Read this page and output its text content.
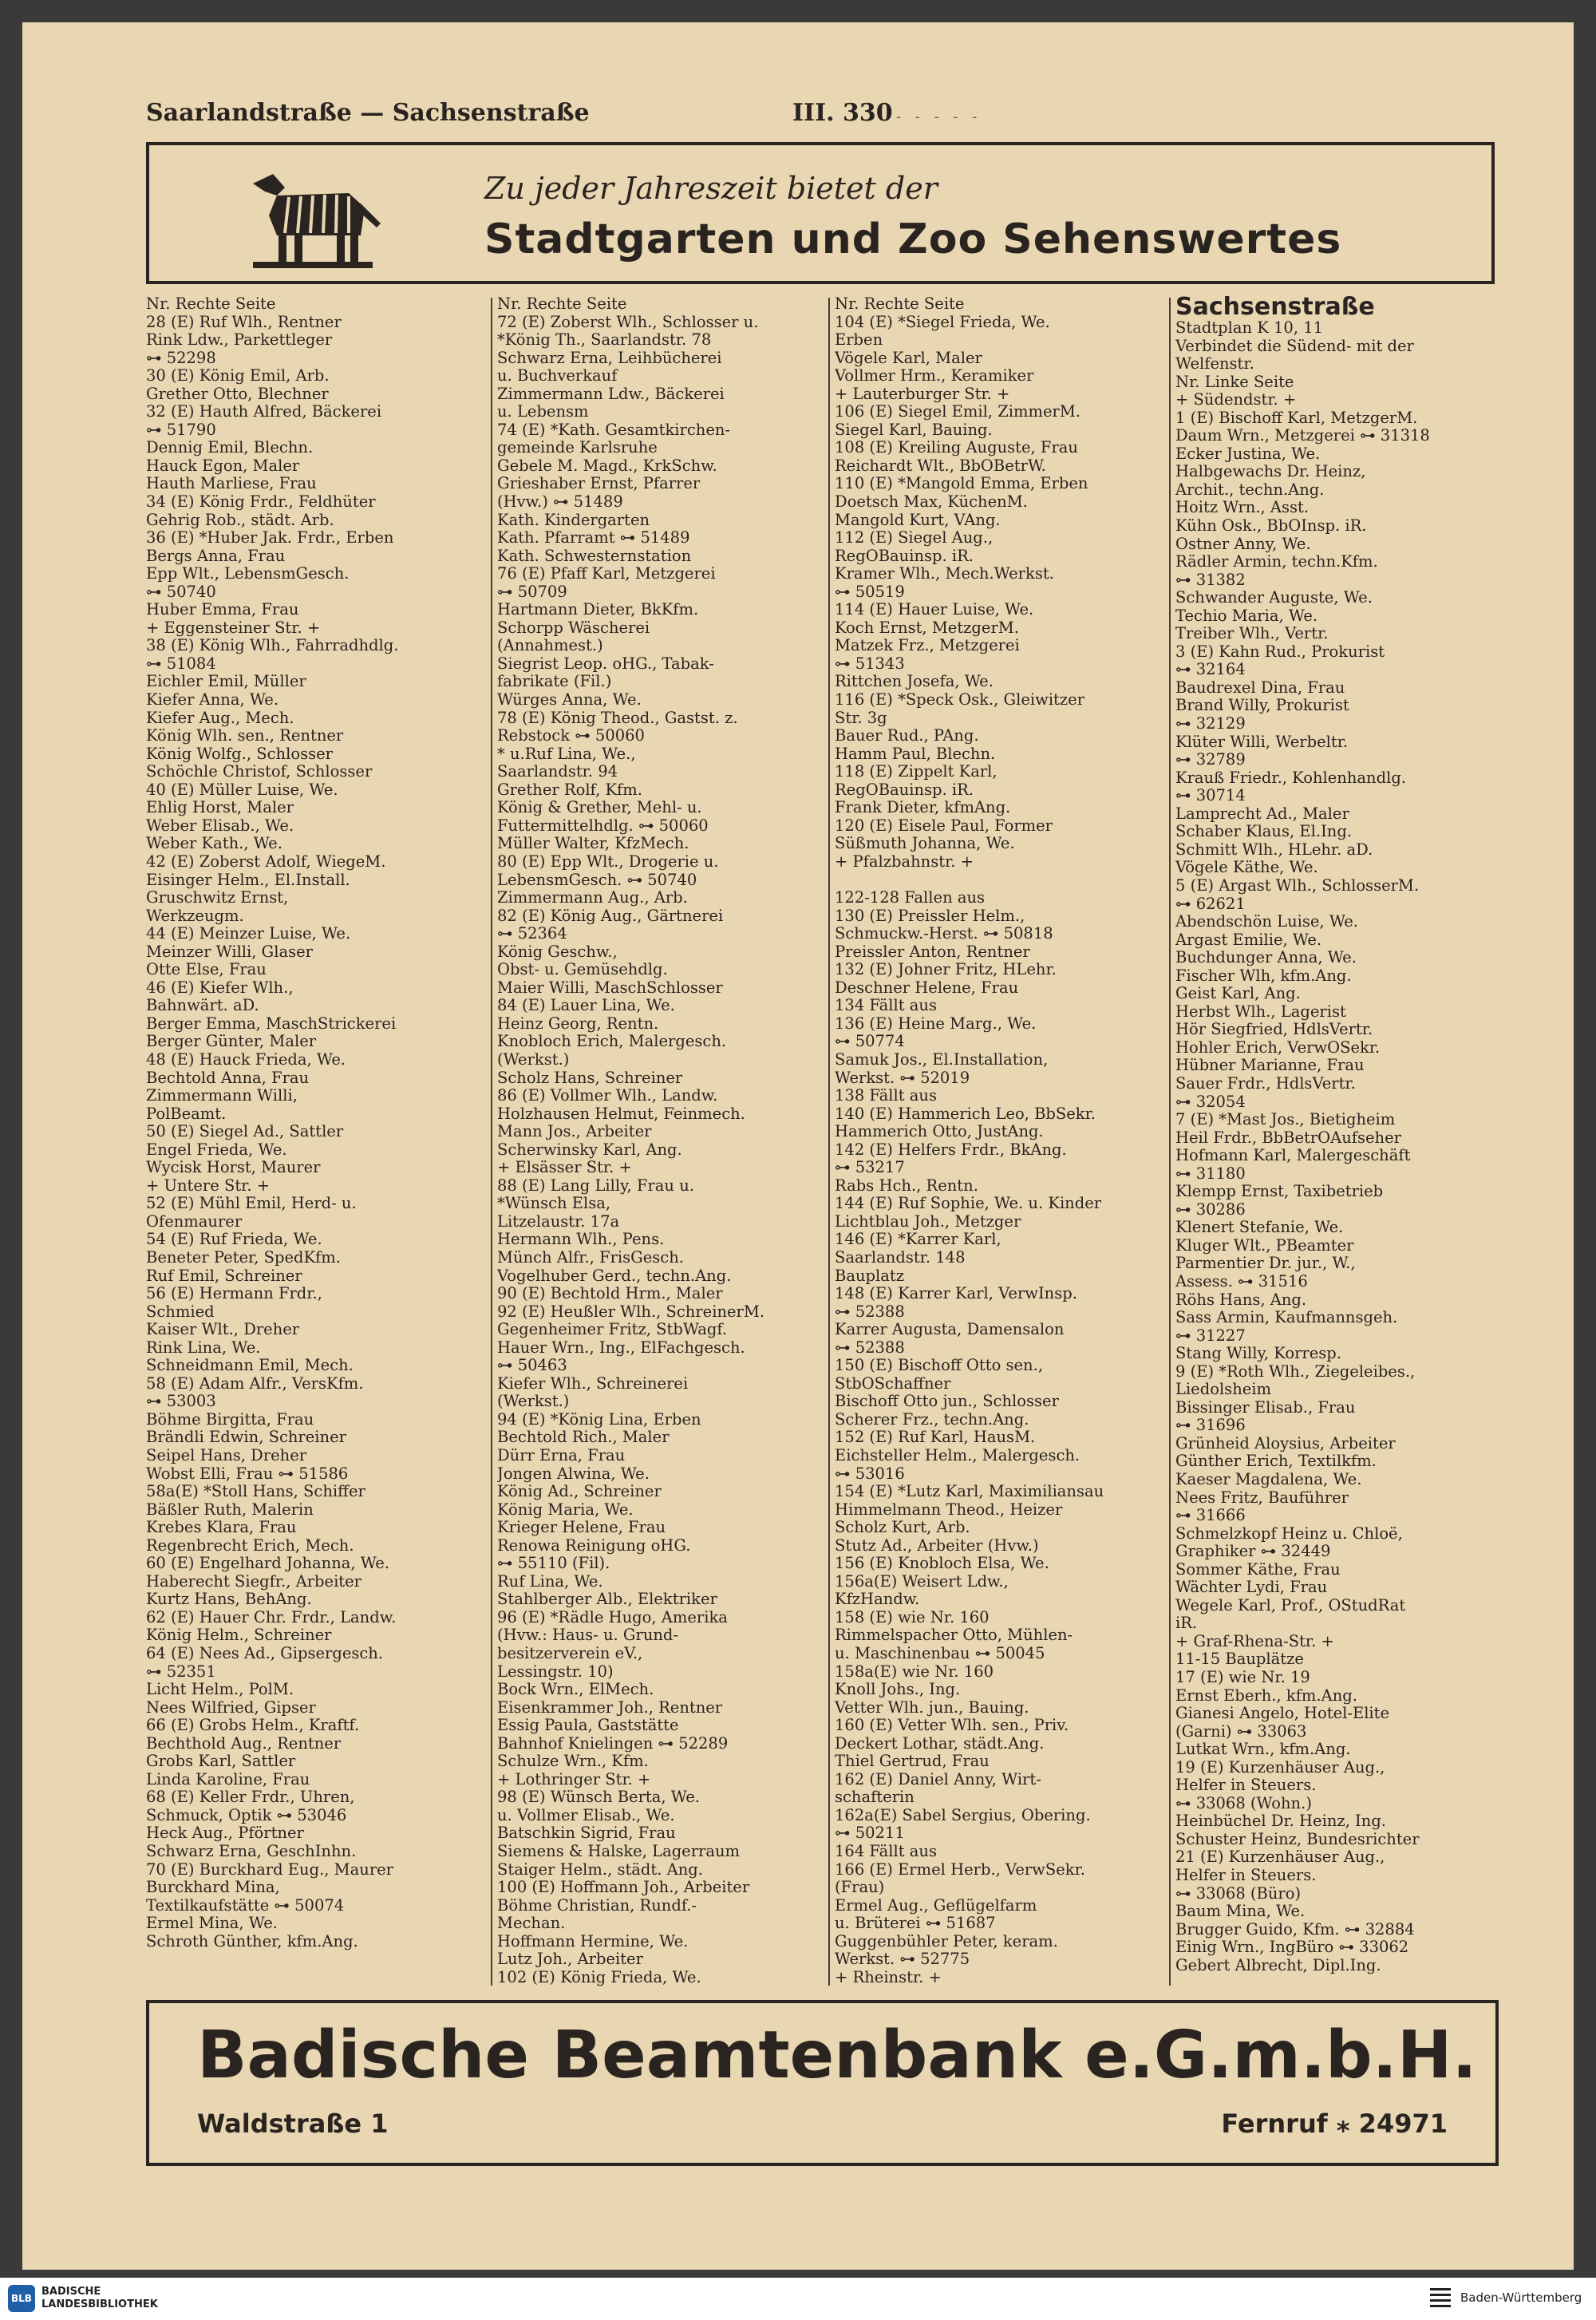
Saarlandstraße — Sachsenstraße	III. 330 - - - - -
Zu jeder Jahreszeit bietet der
Stadtgarten und Zoo Sehenswertes
Nr. Rechte Seite
28 (E) Ruf Wlh., Rentner
Rink Ldw., Parkettleger
⊶ 52298
30 (E) König Emil, Arb.
Grether Otto, Blechner
32 (E) Hauth Alfred, Bäckerei
⊶ 51790
Dennig Emil, Blechn.
Hauck Egon, Maler
Hauth Marliese, Frau
34 (E) König Frdr., Feldhüter
Gehrig Rob., städt. Arb.
36 (E) *Huber Jak. Frdr., Erben
Bergs Anna, Frau
Epp Wlt., LebensmGesch.
⊶ 50740
Huber Emma, Frau
+ Eggensteiner Str. +
38 (E) König Wlh., Fahrradhdlg.
⊶ 51084
Eichler Emil, Müller
Kiefer Anna, We.
Kiefer Aug., Mech.
König Wlh. sen., Rentner
König Wolfg., Schlosser
Schöchle Christof, Schlosser
40 (E) Müller Luise, We.
Ehlig Horst, Maler
Weber Elisab., We.
Weber Kath., We.
42 (E) Zoberst Adolf, WiegeM.
Eisinger Helm., El.Install.
Gruschwitz Ernst,
Werkzeugm.
44 (E) Meinzer Luise, We.
Meinzer Willi, Glaser
Otte Else, Frau
46 (E) Kiefer Wlh.,
Bahnwärt. aD.
Berger Emma, MaschStrickerei
Berger Günter, Maler
48 (E) Hauck Frieda, We.
Bechtold Anna, Frau
Zimmermann Willi,
PolBeamt.
50 (E) Siegel Ad., Sattler
Engel Frieda, We.
Wycisk Horst, Maurer
+ Untere Str. +
52 (E) Mühl Emil, Herd- u.
Ofenmaurer
54 (E) Ruf Frieda, We.
Beneter Peter, SpedKfm.
Ruf Emil, Schreiner
56 (E) Hermann Frdr.,
Schmied
Kaiser Wlt., Dreher
Rink Lina, We.
Schneidmann Emil, Mech.
58 (E) Adam Alfr., VersKfm.
⊶ 53003
Böhme Birgitta, Frau
Brändli Edwin, Schreiner
Seipel Hans, Dreher
Wobst Elli, Frau ⊶ 51586
58a(E) *Stoll Hans, Schiffer
Bäßler Ruth, Malerin
Krebes Klara, Frau
Regenbrecht Erich, Mech.
60 (E) Engelhard Johanna, We.
Haberecht Siegfr., Arbeiter
Kurtz Hans, BehAng.
62 (E) Hauer Chr. Frdr., Landw.
König Helm., Schreiner
64 (E) Nees Ad., Gipsergesch.
⊶ 52351
Licht Helm., PolM.
Nees Wilfried, Gipser
66 (E) Grobs Helm., Kraftf.
Bechthold Aug., Rentner
Grobs Karl, Sattler
Linda Karoline, Frau
68 (E) Keller Frdr., Uhren,
Schmuck, Optik ⊶ 53046
Heck Aug., Pförtner
Schwarz Erna, GeschInhn.
70 (E) Burckhard Eug., Maurer
Burckhard Mina,
Textilkaufstätte ⊶ 50074
Ermel Mina, We.
Schroth Günther, kfm.Ang.
Nr. Rechte Seite
72 (E) Zoberst Wlh., Schlosser u.
*König Th., Saarlandstr. 78
Schwarz Erna, Leihbücherei
u. Buchverkauf
Zimmermann Ldw., Bäckerei
u. Lebensm
74 (E) *Kath. Gesamtkirchen-
gemeinde Karlsruhe
Gebele M. Magd., KrkSchw.
Grieshaber Ernst, Pfarrer
(Hvw.) ⊶ 51489
Kath. Kindergarten
Kath. Pfarramt ⊶ 51489
Kath. Schwesternstation
76 (E) Pfaff Karl, Metzgerei
⊶ 50709
Hartmann Dieter, BkKfm.
Schorpp Wäscherei
(Annahmest.)
Siegrist Leop. oHG., Tabak-
fabrikate (Fil.)
Würges Anna, We.
78 (E) König Theod., Gastst. z.
Rebstock ⊶ 50060
* u.Ruf Lina, We.,
Saarlandstr. 94
Grether Rolf, Kfm.
König & Grether, Mehl- u.
Futtermittelhdlg. ⊶ 50060
Müller Walter, KfzMech.
80 (E) Epp Wlt., Drogerie u.
LebensmGesch. ⊶ 50740
Zimmermann Aug., Arb.
82 (E) König Aug., Gärtnerei
⊶ 52364
König Geschw.,
Obst- u. Gemüsehdlg.
Maier Willi, MaschSchlosser
84 (E) Lauer Lina, We.
Heinz Georg, Rentn.
Knobloch Erich, Malergesch.
(Werkst.)
Scholz Hans, Schreiner
86 (E) Vollmer Wlh., Landw.
Holzhausen Helmut, Feinmech.
Mann Jos., Arbeiter
Scherwinsky Karl, Ang.
+ Elsässer Str. +
88 (E) Lang Lilly, Frau u.
*Wünsch Elsa,
Litzelaustr. 17a
Hermann Wlh., Pens.
Münch Alfr., FrisGesch.
Vogelhuber Gerd., techn.Ang.
90 (E) Bechtold Hrm., Maler
92 (E) Heußler Wlh., SchreinerM.
Gegenheimer Fritz, StbWagf.
Hauer Wrn., Ing., ElFachgesch.
⊶ 50463
Kiefer Wlh., Schreinerei
(Werkst.)
94 (E) *König Lina, Erben
Bechtold Rich., Maler
Dürr Erna, Frau
Jongen Alwina, We.
König Ad., Schreiner
König Maria, We.
Krieger Helene, Frau
Renowa Reinigung oHG.
⊶ 55110 (Fil).
Ruf Lina, We.
Stahlberger Alb., Elektriker
96 (E) *Rädle Hugo, Amerika
(Hvw.: Haus- u. Grund-
besitzerverein eV.,
Lessingstr. 10)
Bock Wrn., ElMech.
Eisenkrammer Joh., Rentner
Essig Paula, Gaststätte
Bahnhof Knielingen ⊶ 52289
Schulze Wrn., Kfm.
+ Lothringer Str. +
98 (E) Wünsch Berta, We.
u. Vollmer Elisab., We.
Batschkin Sigrid, Frau
Siemens & Halske, Lagerraum
Staiger Helm., städt. Ang.
100 (E) Hoffmann Joh., Arbeiter
Böhme Christian, Rundf.-
Mechan.
Hoffmann Hermine, We.
Lutz Joh., Arbeiter
102 (E) König Frieda, We.
Nr. Rechte Seite
104 (E) *Siegel Frieda, We.
Erben
Vögele Karl, Maler
Vollmer Hrm., Keramiker
+ Lauterburger Str. +
106 (E) Siegel Emil, ZimmerM.
Siegel Karl, Bauing.
108 (E) Kreiling Auguste, Frau
Reichardt Wlt., BbOBetrW.
110 (E) *Mangold Emma, Erben
Doetsch Max, KüchenM.
Mangold Kurt, VAng.
112 (E) Siegel Aug.,
RegOBauinsp. iR.
Kramer Wlh., Mech.Werkst.
⊶ 50519
114 (E) Hauer Luise, We.
Koch Ernst, MetzgerM.
Matzek Frz., Metzgerei
⊶ 51343
Rittchen Josefa, We.
116 (E) *Speck Osk., Gleiwitzer
Str. 3g
Bauer Rud., PAng.
Hamm Paul, Blechn.
118 (E) Zippelt Karl,
RegOBauinsp. iR.
Frank Dieter, kfmAng.
120 (E) Eisele Paul, Former
Süßmuth Johanna, We.
+ Pfalzbahnstr. +

122-128 Fallen aus
130 (E) Preissler Helm.,
Schmuckw.-Herst. ⊶ 50818
Preissler Anton, Rentner
132 (E) Johner Fritz, HLehr.
Deschner Helene, Frau
134 Fällt aus
136 (E) Heine Marg., We.
⊶ 50774
Samuk Jos., El.Installation,
Werkst. ⊶ 52019
138 Fällt aus
140 (E) Hammerich Leo, BbSekr.
Hammerich Otto, JustAng.
142 (E) Helfers Frdr., BkAng.
⊶ 53217
Rabs Hch., Rentn.
144 (E) Ruf Sophie, We. u. Kinder
Lichtblau Joh., Metzger
146 (E) *Karrer Karl,
Saarlandstr. 148
Bauplatz
148 (E) Karrer Karl, VerwInsp.
⊶ 52388
Karrer Augusta, Damensalon
⊶ 52388
150 (E) Bischoff Otto sen.,
StbOSchaffner
Bischoff Otto jun., Schlosser
Scherer Frz., techn.Ang.
152 (E) Ruf Karl, HausM.
Eichsteller Helm., Malergesch.
⊶ 53016
154 (E) *Lutz Karl, Maximiliansau
Himmelmann Theod., Heizer
Scholz Kurt, Arb.
Stutz Ad., Arbeiter (Hvw.)
156 (E) Knobloch Elsa, We.
156a(E) Weisert Ldw.,
KfzHandw.
158 (E) wie Nr. 160
Rimmelspacher Otto, Mühlen-
u. Maschinenbau ⊶ 50045
158a(E) wie Nr. 160
Knoll Johs., Ing.
Vetter Wlh. jun., Bauing.
160 (E) Vetter Wlh. sen., Priv.
Deckert Lothar, städt.Ang.
Thiel Gertrud, Frau
162 (E) Daniel Anny, Wirt-
schafterin
162a(E) Sabel Sergius, Obering.
⊶ 50211
164 Fällt aus
166 (E) Ermel Herb., VerwSekr.
(Frau)
Ermel Aug., Geflügelfarm
u. Brüterei ⊶ 51687
Guggenbühler Peter, keram.
Werkst. ⊶ 52775
+ Rheinstr. +
Sachsenstraße
Stadtplan K 10, 11
Verbindet die Südend- mit der
Welfenstr.
Nr. Linke Seite
+ Südendstr. +
1 (E) Bischoff Karl, MetzgerM.
Daum Wrn., Metzgerei ⊶ 31318
Ecker Justina, We.
Halbgewachs Dr. Heinz,
Archit., techn.Ang.
Hoitz Wrn., Asst.
Kühn Osk., BbOInsp. iR.
Ostner Anny, We.
Rädler Armin, techn.Kfm.
⊶ 31382
Schwander Auguste, We.
Techio Maria, We.
Treiber Wlh., Vertr.
3 (E) Kahn Rud., Prokurist
⊶ 32164
Baudrexel Dina, Frau
Brand Willy, Prokurist
⊶ 32129
Klüter Willi, Werbeltr.
⊶ 32789
Krauß Friedr., Kohlenhandlg.
⊶ 30714
Lamprecht Ad., Maler
Schaber Klaus, El.Ing.
Schmitt Wlh., HLehr. aD.
Vögele Käthe, We.
5 (E) Argast Wlh., SchlosserM.
⊶ 62621
Abendschön Luise, We.
Argast Emilie, We.
Buchdunger Anna, We.
Fischer Wlh, kfm.Ang.
Geist Karl, Ang.
Herbst Wlh., Lagerist
Hör Siegfried, HdlsVertr.
Hohler Erich, VerwOSekr.
Hübner Marianne, Frau
Sauer Frdr., HdlsVertr.
⊶ 32054
7 (E) *Mast Jos., Bietigheim
Heil Frdr., BbBetrOAufseher
Hofmann Karl, Malergeschäft
⊶ 31180
Klempp Ernst, Taxibetrieb
⊶ 30286
Klenert Stefanie, We.
Kluger Wlt., PBeamter
Parmentier Dr. jur., W.,
Assess. ⊶ 31516
Röhs Hans, Ang.
Sass Armin, Kaufmannsgeh.
⊶ 31227
Stang Willy, Korresp.
9 (E) *Roth Wlh., Ziegeleibes.,
Liedolsheim
Bissinger Elisab., Frau
⊶ 31696
Grünheid Aloysius, Arbeiter
Günther Erich, Textilkfm.
Kaeser Magdalena, We.
Nees Fritz, Bauführer
⊶ 31666
Schmelzkopf Heinz u. Chloë,
Graphiker ⊶ 32449
Sommer Käthe, Frau
Wächter Lydi, Frau
Wegele Karl, Prof., OStudRat
iR.
+ Graf-Rhena-Str. +
11-15 Bauplätze
17 (E) wie Nr. 19
Ernst Eberh., kfm.Ang.
Gianesi Angelo, Hotel-Elite
(Garni) ⊶ 33063
Lutkat Wrn., kfm.Ang.
19 (E) Kurzenhäuser Aug.,
Helfer in Steuers.
⊶ 33068 (Wohn.)
Heinbüchel Dr. Heinz, Ing.
Schuster Heinz, Bundesrichter
21 (E) Kurzenhäuser Aug.,
Helfer in Steuers.
⊶ 33068 (Büro)
Baum Mina, We.
Brugger Guido, Kfm. ⊶ 32884
Einig Wrn., IngBüro ⊶ 33062
Gebert Albrecht, Dipl.Ing.
Badische Beamtenbank e.G.m.b.H.
Waldstraße 1	Fernruf ⁎ 24971
BLB
BADISCHE
LANDESBIBLIOTHEK	Baden-Württemberg
